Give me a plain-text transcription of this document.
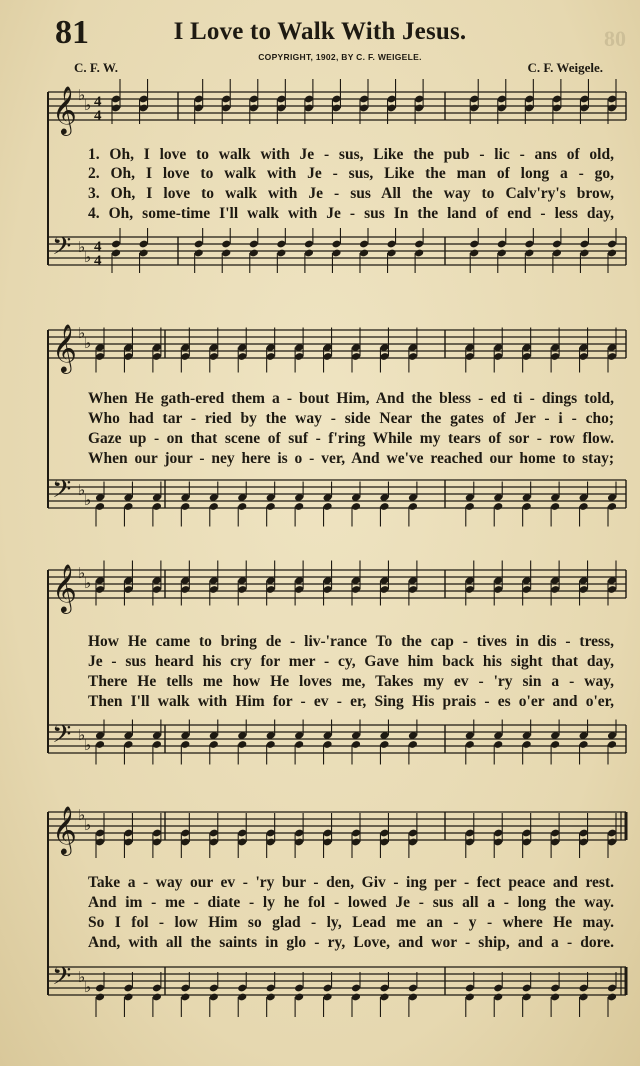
81	I Love to Walk With Jesus.	80
COPYRIGHT, 1902, BY C. F. WEIGELE.
C. F. W.	C. F. Weigele.
𝄞 ♭
♭ 4
4
𝄢 ♭
♭
4
4
𝄞 ♭
♭
𝄢 ♭
♭
𝄞 ♭
♭
𝄢 ♭
♭
𝄞 ♭
♭
𝄢 ♭
♭
1. Oh, I love to walk with Je - sus, Like the pub - lic - ans of old,
2. Oh, I love to walk with Je - sus, Like the man of long a - go,
3. Oh, I love to walk with Je - sus All the way to Calv'ry's brow,
4. Oh, some-time I'll walk with Je - sus In the land of end - less day,
When He gath-ered them a - bout Him, And the bless - ed ti - dings told,
Who had tar - ried by the way - side Near the gates of Jer - i - cho;
Gaze up - on that scene of suf - f'ring While my tears of sor - row flow.
When our jour - ney here is o - ver, And we've reached our home to stay;
How He came to bring de - liv-'rance To the cap - tives in dis - tress,
Je - sus heard his cry for mer - cy, Gave him back his sight that day,
There He tells me how He loves me, Takes my ev - 'ry sin a - way,
Then I'll walk with Him for - ev - er, Sing His prais - es o'er and o'er,
Take a - way our ev - 'ry bur - den, Giv - ing per - fect peace and rest.
And im - me - diate - ly he fol - lowed Je - sus all a - long the way.
So I fol - low Him so glad - ly, Lead me an - y - where He may.
And, with all the saints in glo - ry, Love, and wor - ship, and a - dore.
